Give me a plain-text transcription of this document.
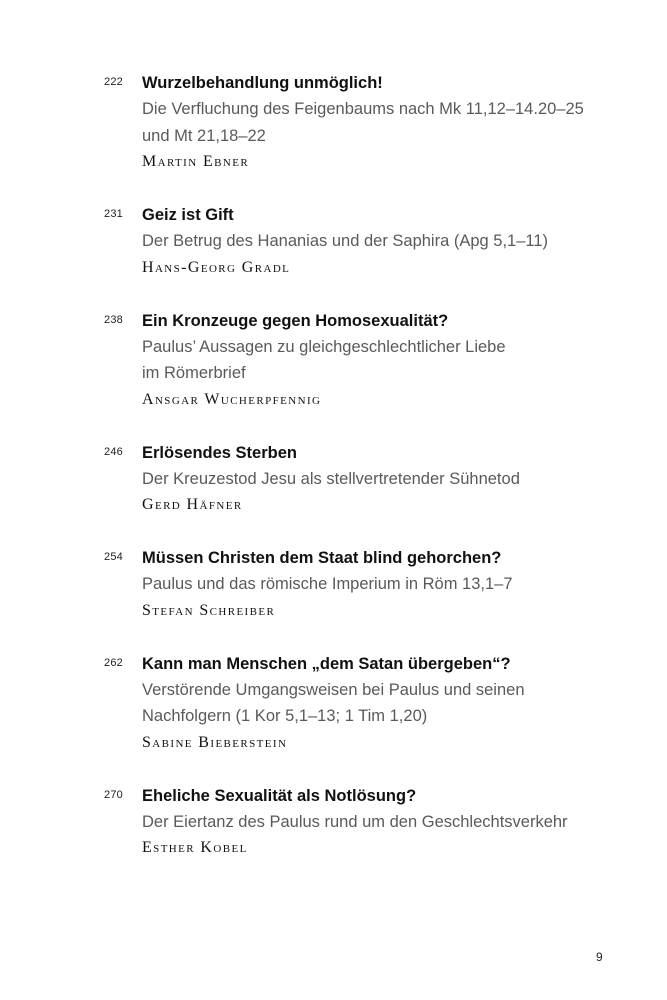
222 Wurzelbehandlung unmöglich!
Die Verfluchung des Feigenbaums nach Mk 11,12–14.20–25
und Mt 21,18–22
Martin Ebner
231 Geiz ist Gift
Der Betrug des Hananias und der Saphira (Apg 5,1–11)
Hans-Georg Gradl
238 Ein Kronzeuge gegen Homosexualität?
Paulus’ Aussagen zu gleichgeschlechtlicher Liebe
im Römerbrief
Ansgar Wucherpfennig
246 Erlösendes Sterben
Der Kreuzestod Jesu als stellvertretender Sühnetod
Gerd Häfner
254 Müssen Christen dem Staat blind gehorchen?
Paulus und das römische Imperium in Röm 13,1–7
Stefan Schreiber
262 Kann man Menschen „dem Satan übergeben“?
Verstörende Umgangsweisen bei Paulus und seinen
Nachfolgern (1 Kor 5,1–13; 1 Tim 1,20)
Sabine Bieberstein
270 Eheliche Sexualität als Notlösung?
Der Eiertanz des Paulus rund um den Geschlechtsverkehr
Esther Kobel
9
